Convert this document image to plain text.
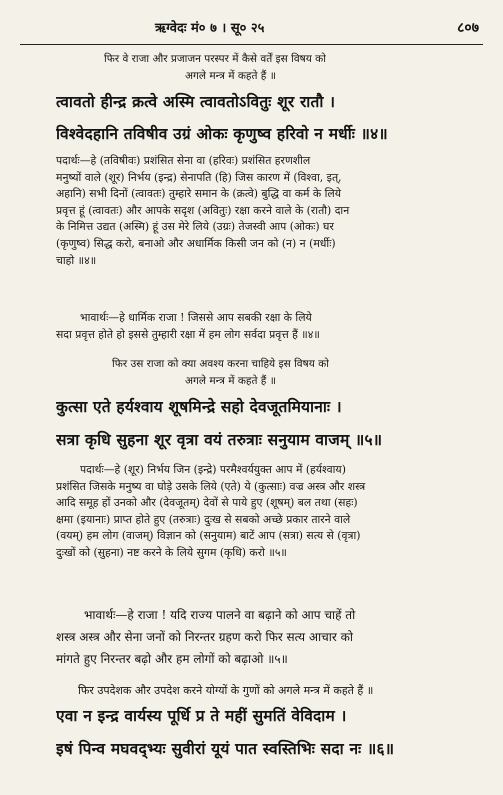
ऋग्वेदः मं० ७ । सू० २५	८०७
फिर वे राजा और प्रजाजन परस्पर में कैसे वर्तें इस विषय को
अगले मन्त्र में कहते हैं ॥
त्वावतो हीन्द्र क्रत्वे अस्मि त्वावतोऽवितुः शूर रातौ ।
विश्वेदहानि तविषीव उग्रं ओकः कृणुष्व हरिवो न मर्धीः ॥४॥
पदार्थः—हे (तविषीवः) प्रशंसित सेना वा (हरिवः) प्रशंसित हरणशील
मनुष्यों वाले (शूर) निर्भय (इन्द्र) सेनापति (हि) जिस कारण में (विश्वा, इत्,
अहानि) सभी दिनों (त्वावतः) तुम्हारे समान के (क्रत्वे) बुद्धि वा कर्म के लिये
प्रवृत्त हूं (त्वावतः) और आपके सदृश (अवितुः) रक्षा करने वाले के (रातौ) दान
के निमित्त उद्यत (अस्मि) हूं उस मेरे लिये (उग्रः) तेजस्वी आप (ओकः) घर
(कृणुष्व) सिद्ध करो, बनाओ और अधार्मिक किसी जन को (न) न (मर्धीः)
चाहो ॥४॥
भावार्थः—हे धार्मिक राजा ! जिससे आप सबकी रक्षा के लिये
सदा प्रवृत्त होते हो इससे तुम्हारी रक्षा में हम लोग सर्वदा प्रवृत्त हैं ॥४॥
फिर उस राजा को क्या अवश्य करना चाहिये इस विषय को
अगले मन्त्र में कहते हैं ॥
कुत्सा एते हर्यश्वाय शूषमिन्द्रे सहो देवजूतमियानाः ।
सत्रा कृधि सुहना शूर वृत्रा वयं तरुत्राः सनुयाम वाजम् ॥५॥
पदार्थः—हे (शूर) निर्भय जिन (इन्द्रे) परमैश्वर्ययुक्त आप में (हर्यश्वाय)
प्रशंसित जिसके मनुष्य वा घोड़े उसके लिये (एते) ये (कुत्साः) वज्र अस्त्र और शस्त्र
आदि समूह हों उनको और (देवजूतम्) देवों से पाये हुए (शूषम्) बल तथा (सहः)
क्षमा (इयानाः) प्राप्त होते हुए (तरुत्राः) दुःख से सबको अच्छे प्रकार तारने वाले
(वयम्) हम लोग (वाजम्) विज्ञान को (सनुयाम) बाटें आप (सत्रा) सत्य से (वृत्रा)
दुःखों को (सुहना) नष्ट करने के लिये सुगम (कृधि) करो ॥५॥
भावार्थः—हे राजा ! यदि राज्य पालने वा बढ़ाने को आप चाहें तो
शस्त्र अस्त्र और सेना जनों को निरन्तर ग्रहण करो फिर सत्य आचार को
मांगते हुए निरन्तर बढ़ो और हम लोगों को बढ़ाओ ॥५॥
फिर उपदेशक और उपदेश करने योग्यों के गुणों को अगले मन्त्र में कहते हैं ॥
एवा न इन्द्र वार्यस्य पूर्धि प्र ते महीं सुमतिं वेविदाम ।
इषं पिन्व मघवद्भ्यः सुवीरां यूयं पात स्वस्तिभिः सदा नः ॥६॥
